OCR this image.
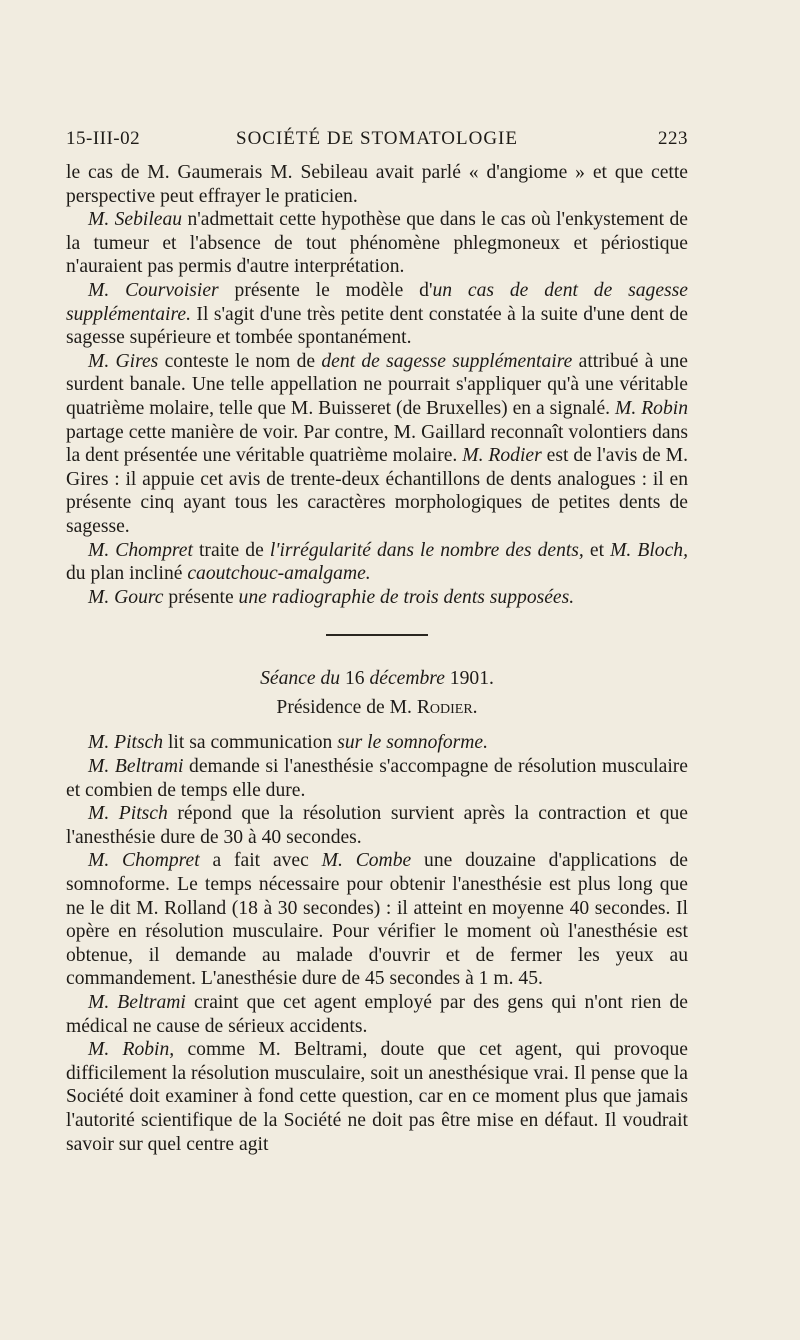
15-III-02	SOCIÉTÉ DE STOMATOLOGIE	223

le cas de M. Gaumerais M. Sebileau avait parlé « d'angiome » et que cette perspective peut effrayer le praticien.

M. Sebileau n'admettait cette hypothèse que dans le cas où l'enkystement de la tumeur et l'absence de tout phénomène phlegmoneux et périostique n'auraient pas permis d'autre interprétation.

M. Courvoisier présente le modèle d'un cas de dent de sagesse supplémentaire. Il s'agit d'une très petite dent constatée à la suite d'une dent de sagesse supérieure et tombée spontanément.

M. Gires conteste le nom de dent de sagesse supplémentaire attribué à une surdent banale. Une telle appellation ne pourrait s'appliquer qu'à une véritable quatrième molaire, telle que M. Buisseret (de Bruxelles) en a signalé. M. Robin partage cette manière de voir. Par contre, M. Gaillard reconnaît volontiers dans la dent présentée une véritable quatrième molaire. M. Rodier est de l'avis de M. Gires : il appuie cet avis de trente-deux échantillons de dents analogues : il en présente cinq ayant tous les caractères morphologiques de petites dents de sagesse.

M. Chompret traite de l'irrégularité dans le nombre des dents, et M. Bloch, du plan incliné caoutchouc-amalgame.

M. Gourc présente une radiographie de trois dents supposées.

Séance du 16 décembre 1901.

Présidence de M. Rodier.

M. Pitsch lit sa communication sur le somnoforme.

M. Beltrami demande si l'anesthésie s'accompagne de résolution musculaire et combien de temps elle dure.

M. Pitsch répond que la résolution survient après la contraction et que l'anesthésie dure de 30 à 40 secondes.

M. Chompret a fait avec M. Combe une douzaine d'applications de somnoforme. Le temps nécessaire pour obtenir l'anesthésie est plus long que ne le dit M. Rolland (18 à 30 secondes) : il atteint en moyenne 40 secondes. Il opère en résolution musculaire. Pour vérifier le moment où l'anesthésie est obtenue, il demande au malade d'ouvrir et de fermer les yeux au commandement. L'anesthésie dure de 45 secondes à 1 m. 45.

M. Beltrami craint que cet agent employé par des gens qui n'ont rien de médical ne cause de sérieux accidents.

M. Robin, comme M. Beltrami, doute que cet agent, qui provoque difficilement la résolution musculaire, soit un anesthésique vrai. Il pense que la Société doit examiner à fond cette question, car en ce moment plus que jamais l'autorité scientifique de la Société ne doit pas être mise en défaut. Il voudrait savoir sur quel centre agit
